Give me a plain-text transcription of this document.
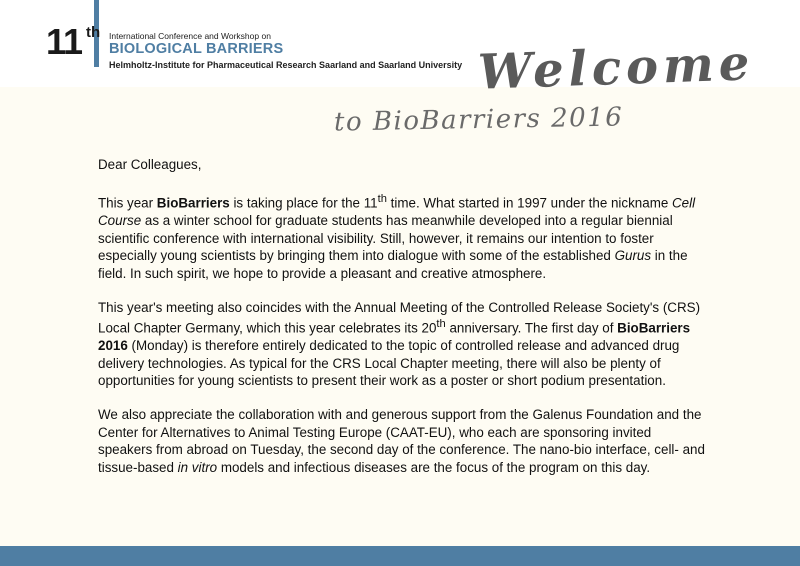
11 th International Conference and Workshop on
BIOLOGICAL BARRIERS
Helmholtz-Institute for Pharmaceutical Research Saarland and Saarland University Welcome
to BioBarriers 2016

Dear Colleagues,

This year BioBarriers is taking place for the 11th time. What started in 1997 under the nickname Cell Course as a winter school for graduate students has meanwhile developed into a regular biennial scientific conference with international visibility. Still, however, it remains our intention to foster especially young scientists by bringing them into dialogue with some of the established Gurus in the field. In such spirit, we hope to provide a pleasant and creative atmosphere.

This year's meeting also coincides with the Annual Meeting of the Controlled Release Society's (CRS) Local Chapter Germany, which this year celebrates its 20th anniversary. The first day of BioBarriers 2016 (Monday) is therefore entirely dedicated to the topic of controlled release and advanced drug delivery technologies. As typical for the CRS Local Chapter meeting, there will also be plenty of opportunities for young scientists to present their work as a poster or short podium presentation.

We also appreciate the collaboration with and generous support from the Galenus Foundation and the Center for Alternatives to Animal Testing Europe (CAAT-EU), who each are sponsoring invited speakers from abroad on Tuesday, the second day of the conference. The nano-bio interface, cell- and tissue-based in vitro models and infectious diseases are the focus of the program on this day.
